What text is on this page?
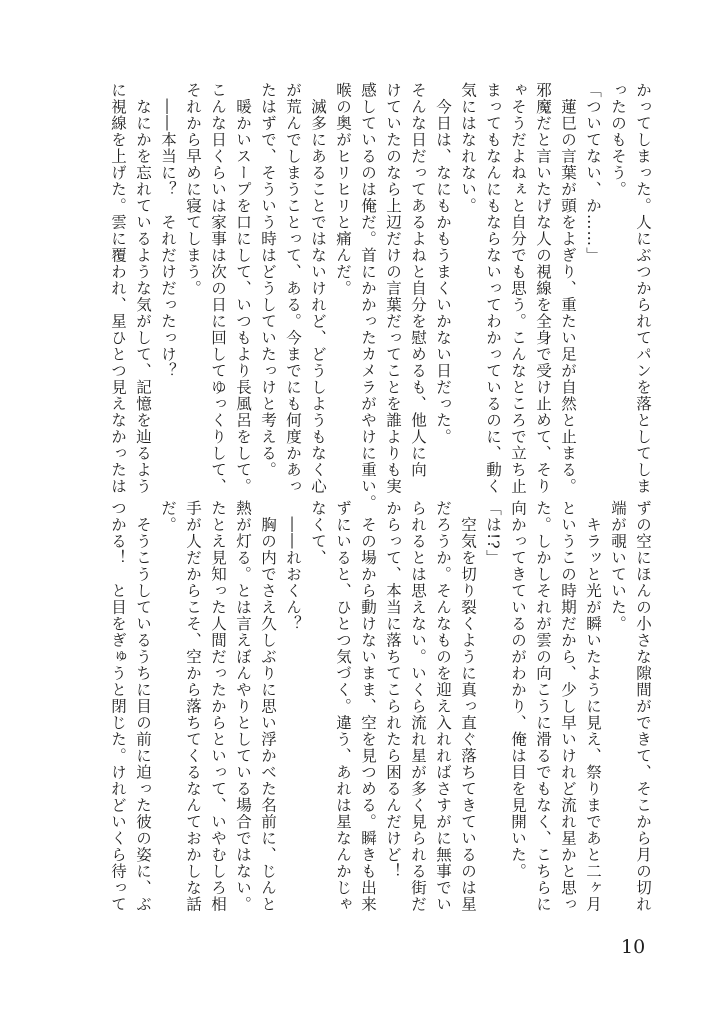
かってしまった。人にぶつかられてパンを落としてしま
ったのもそう。
「ついてない、か……」
　蓮巳の言葉が頭をよぎり、重たい足が自然と止まる。
邪魔だと言いたげな人の視線を全身で受け止めて、そり
ゃそうだよねぇと自分でも思う。こんなところで立ち止
まってもなんにもならないってわかっているのに、動く
気にはなれない。
　今日は、なにもかもうまくいかない日だった。
そんな日だってあるよねと自分を慰めるも、他人に向
けていたのなら上辺だけの言葉だってことを誰よりも実
感しているのは俺だ。首にかかったカメラがやけに重い。
喉の奥がヒリヒリと痛んだ。
　滅多にあることではないけれど、どうしようもなく心
が荒んでしまうことって、ある。今までにも何度かあっ
たはずで、そういう時はどうしていたっけと考える。
　暖かいスープを口にして、いつもより長風呂をして。
こんな日くらいは家事は次の日に回してゆっくりして、
それから早めに寝てしまう。
　――本当に？　それだけだったっけ？
　なにかを忘れているような気がして、記憶を辿るよう
に視線を上げた。雲に覆われ、星ひとつ見えなかったは
ずの空にほんの小さな隙間ができて、そこから月の切れ
端が覗いていた。
　キラッと光が瞬いたように見え、祭りまであと二ヶ月
というこの時期だから、少し早いけれど流れ星かと思っ
た。しかしそれが雲の向こうに滑るでもなく、こちらに
向かってきているのがわかり、俺は目を見開いた。
「は!?」
　空気を切り裂くように真っ直ぐ落ちてきているのは星
だろうか。そんなものを迎え入れればさすがに無事でい
られるとは思えない。いくら流れ星が多く見られる街だ
からって、本当に落ちてこられたら困るんだけど！
　その場から動けないまま、空を見つめる。瞬きも出来
ずにいると、ひとつ気づく。違う、あれは星なんかじゃ
なくて、
　――れおくん？
　胸の内でさえ久しぶりに思い浮かべた名前に、じんと
熱が灯る。とは言えぼんやりとしている場合ではない。
たとえ見知った人間だったからといって、いやむしろ相
手が人だからこそ、空から落ちてくるなんておかしな話
だ。
　そうこうしているうちに目の前に迫った彼の姿に、ぶ
つかる！　と目をぎゅうと閉じた。けれどいくら待って
10
